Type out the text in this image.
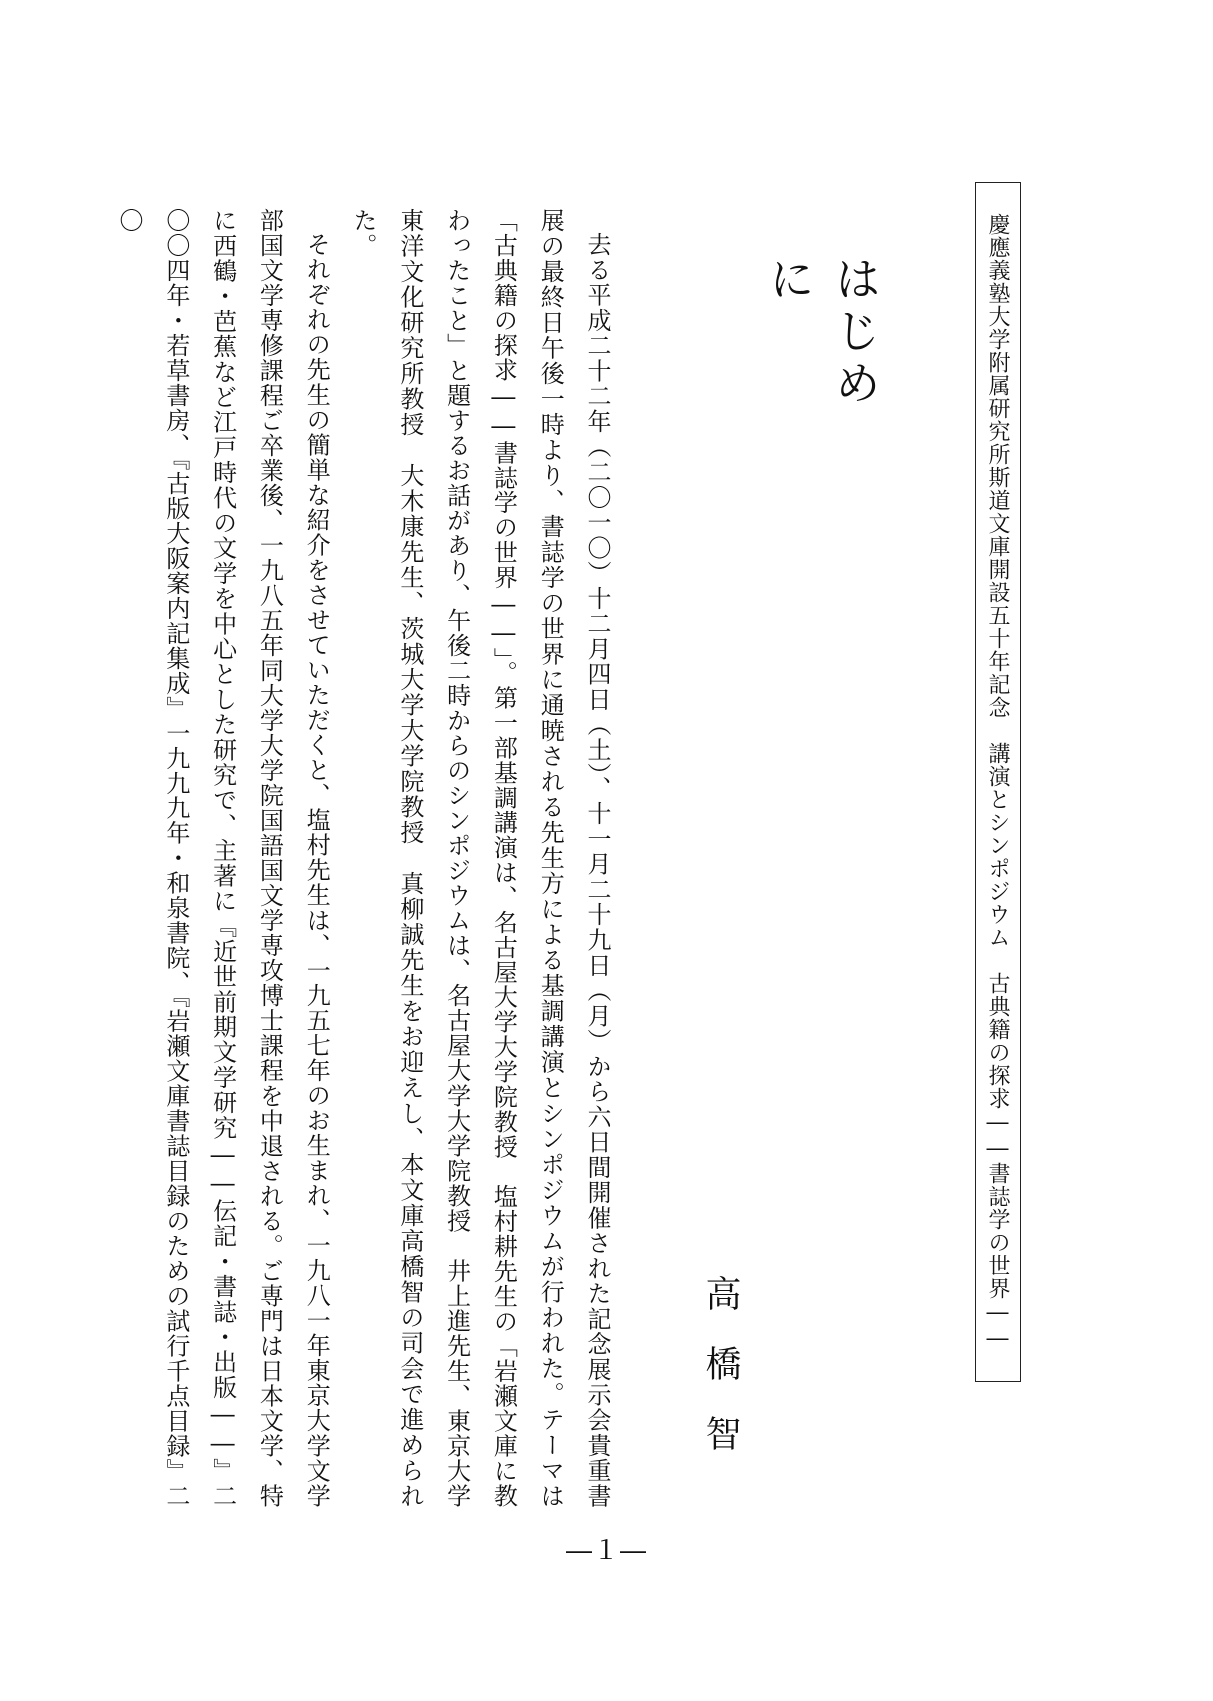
慶應義塾大学附属研究所斯道文庫開設五十年記念　講演とシンポジウム　古典籍の探求――書誌学の世界――
はじめに
高橋智

去る平成二十二年（二〇一〇）十二月四日（土）、十一月二十九日（月）から六日間開催された記念展示会貴重書展の最終日午後一時より、書誌学の世界に通暁される先生方による基調講演とシンポジウムが行われた。テーマは「古典籍の探求――書誌学の世界――」。第一部基調講演は、名古屋大学大学院教授　塩村耕先生の「岩瀬文庫に教わったこと」と題するお話があり、午後二時からのシンポジウムは、名古屋大学大学院教授　井上進先生、東京大学東洋文化研究所教授　大木康先生、茨城大学大学院教授　真柳誠先生をお迎えし、本文庫高橋智の司会で進められた。

それぞれの先生の簡単な紹介をさせていただくと、塩村先生は、一九五七年のお生まれ、一九八一年東京大学文学部国文学専修課程ご卒業後、一九八五年同大学大学院国語国文学専攻博士課程を中退される。ご専門は日本文学、特に西鶴・芭蕉など江戸時代の文学を中心とした研究で、主著に『近世前期文学研究――伝記・書誌・出版――』二〇〇四年・若草書房、『古版大阪案内記集成』一九九九年・和泉書院、『岩瀬文庫書誌目録のための試行千点目録』二〇

―１―
